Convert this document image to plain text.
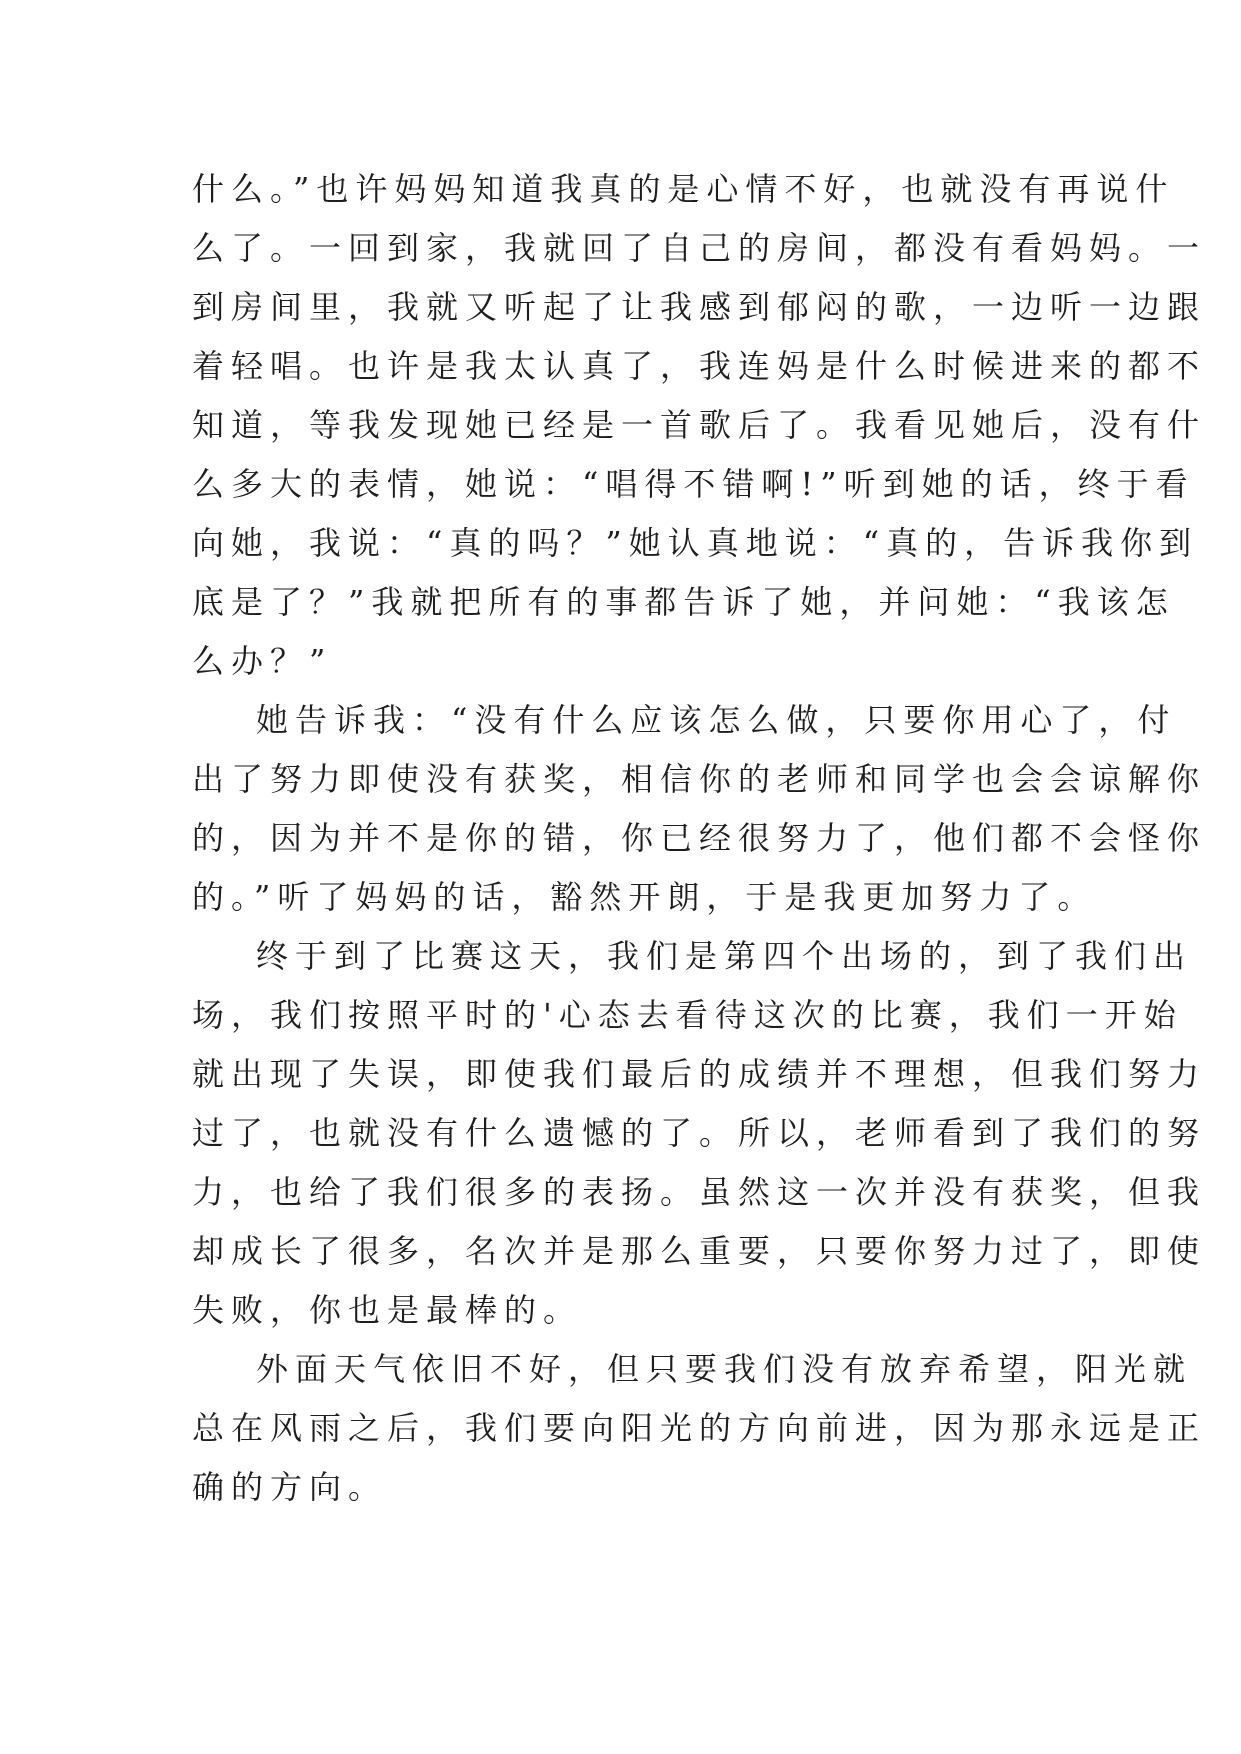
什么。”也许妈妈知道我真的是心情不好，也就没有再说什
么了。一回到家，我就回了自己的房间，都没有看妈妈。一
到房间里，我就又听起了让我感到郁闷的歌，一边听一边跟
着轻唱。也许是我太认真了，我连妈是什么时候进来的都不
知道，等我发现她已经是一首歌后了。我看见她后，没有什
么多大的表情，她说：“唱得不错啊!”听到她的话，终于看
向她，我说：“真的吗？”她认真地说：“真的，告诉我你到
底是了？”我就把所有的事都告诉了她，并问她：“我该怎
么办？”
她告诉我：“没有什么应该怎么做，只要你用心了，付
出了努力即使没有获奖，相信你的老师和同学也会会谅解你
的，因为并不是你的错，你已经很努力了，他们都不会怪你
的。”听了妈妈的话，豁然开朗，于是我更加努力了。
终于到了比赛这天，我们是第四个出场的，到了我们出
场，我们按照平时的'心态去看待这次的比赛，我们一开始
就出现了失误，即使我们最后的成绩并不理想，但我们努力
过了，也就没有什么遗憾的了。所以，老师看到了我们的努
力，也给了我们很多的表扬。虽然这一次并没有获奖，但我
却成长了很多，名次并是那么重要，只要你努力过了，即使
失败，你也是最棒的。
外面天气依旧不好，但只要我们没有放弃希望，阳光就
总在风雨之后，我们要向阳光的方向前进，因为那永远是正
确的方向。
